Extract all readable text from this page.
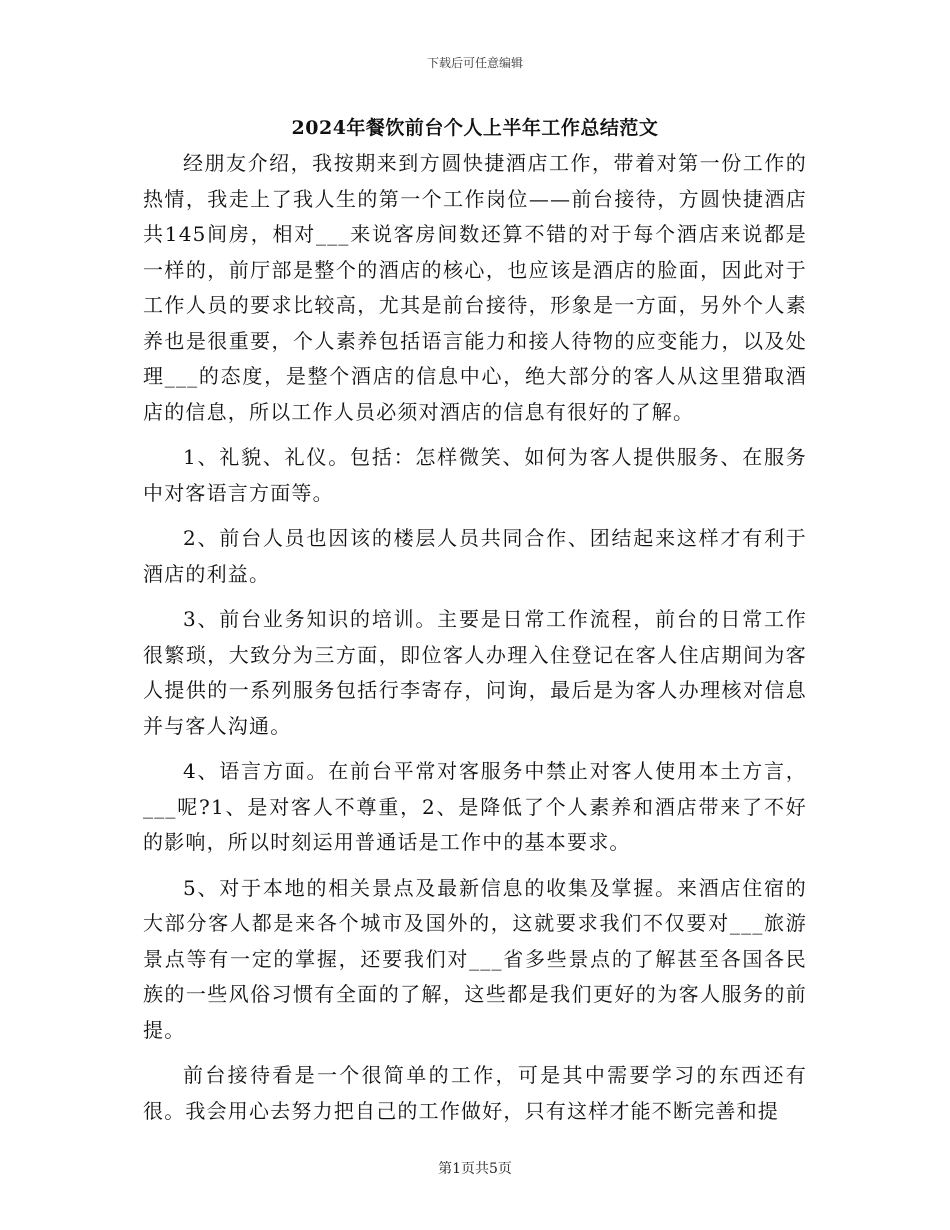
下载后可任意编辑
2024年餐饮前台个人上半年工作总结范文

经朋友介绍，我按期来到方圆快捷酒店工作，带着对第一份工作的热情，我走上了我人生的第一个工作岗位——前台接待，方圆快捷酒店共145间房，相对___来说客房间数还算不错的对于每个酒店来说都是一样的，前厅部是整个的酒店的核心，也应该是酒店的脸面，因此对于工作人员的要求比较高，尤其是前台接待，形象是一方面，另外个人素养也是很重要，个人素养包括语言能力和接人待物的应变能力，以及处理___的态度，是整个酒店的信息中心，绝大部分的客人从这里猎取酒店的信息，所以工作人员必须对酒店的信息有很好的了解。

1、礼貌、礼仪。包括：怎样微笑、如何为客人提供服务、在服务中对客语言方面等。

2、前台人员也因该的楼层人员共同合作、团结起来这样才有利于酒店的利益。

3、前台业务知识的培训。主要是日常工作流程，前台的日常工作很繁琐，大致分为三方面，即位客人办理入住登记在客人住店期间为客人提供的一系列服务包括行李寄存，问询，最后是为客人办理核对信息并与客人沟通。

4、语言方面。在前台平常对客服务中禁止对客人使用本土方言，___呢?1、是对客人不尊重，2、是降低了个人素养和酒店带来了不好的影响，所以时刻运用普通话是工作中的基本要求。

5、对于本地的相关景点及最新信息的收集及掌握。来酒店住宿的大部分客人都是来各个城市及国外的，这就要求我们不仅要对___旅游景点等有一定的掌握，还要我们对___省多些景点的了解甚至各国各民族的一些风俗习惯有全面的了解，这些都是我们更好的为客人服务的前提。

前台接待看是一个很简单的工作，可是其中需要学习的东西还有很。我会用心去努力把自己的工作做好，只有这样才能不断完善和提

第1页共5页
